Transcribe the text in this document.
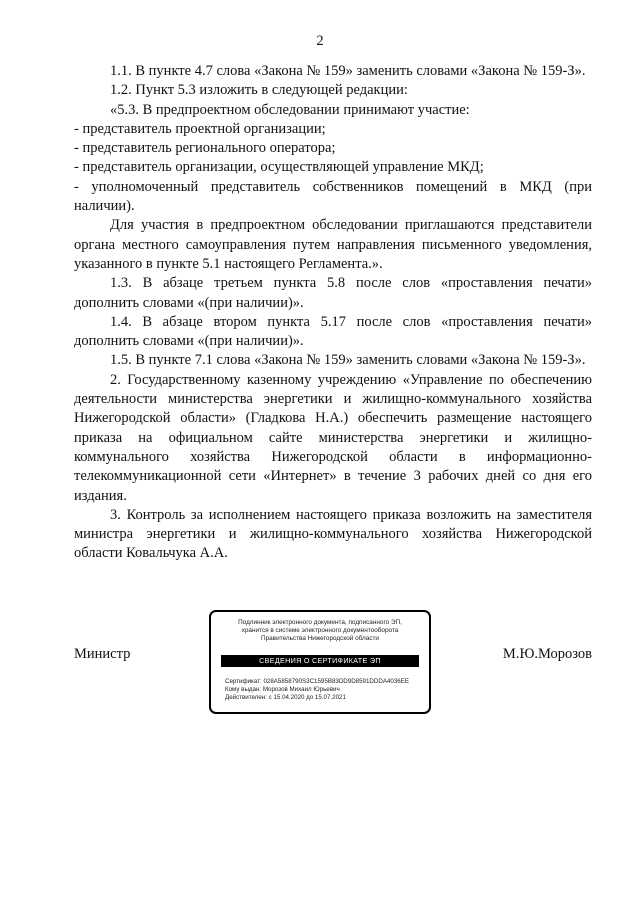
2

1.1. В пункте 4.7 слова «Закона № 159» заменить словами «Закона № 159-З».

1.2. Пункт 5.3 изложить в следующей редакции:

«5.3. В предпроектном обследовании принимают участие:

- представитель проектной организации;

- представитель регионального оператора;

- представитель организации, осуществляющей управление МКД;

- уполномоченный представитель собственников помещений в МКД (при наличии).

Для участия в предпроектном обследовании приглашаются представители органа местного самоуправления путем направления письменного уведомления, указанного в пункте 5.1 настоящего Регламента.».

1.3. В абзаце третьем пункта 5.8 после слов «проставления печати» дополнить словами «(при наличии)».

1.4. В абзаце втором пункта 5.17 после слов «проставления печати» дополнить словами «(при наличии)».

1.5. В пункте 7.1 слова «Закона № 159» заменить словами «Закона № 159-З».

2. Государственному казенному учреждению «Управление по обеспечению деятельности министерства энергетики и жилищно-коммунального хозяйства Нижегородской области» (Гладкова Н.А.) обеспечить размещение настоящего приказа на официальном сайте министерства энергетики и жилищно-коммунального хозяйства Нижегородской области в информационно-телекоммуникационной сети «Интернет» в течение 3 рабочих дней со дня его издания.

3. Контроль за исполнением настоящего приказа возложить на заместителя министра энергетики и жилищно-коммунального хозяйства Нижегородской области Ковальчука А.А.

Министр	М.Ю.Морозов
Подлинник электронного документа, подписанного ЭП,
хранится в системе электронного документооборота
Правительства Нижегородской области
СВЕДЕНИЯ О СЕРТИФИКАТЕ ЭП
Сертификат: 028A5858790S3C1595B83DD9D8591DDDA4036EE
Кому выдан: Морозов Михаил Юрьевич
Действителен: с 15.04.2020 до 15.07.2021
